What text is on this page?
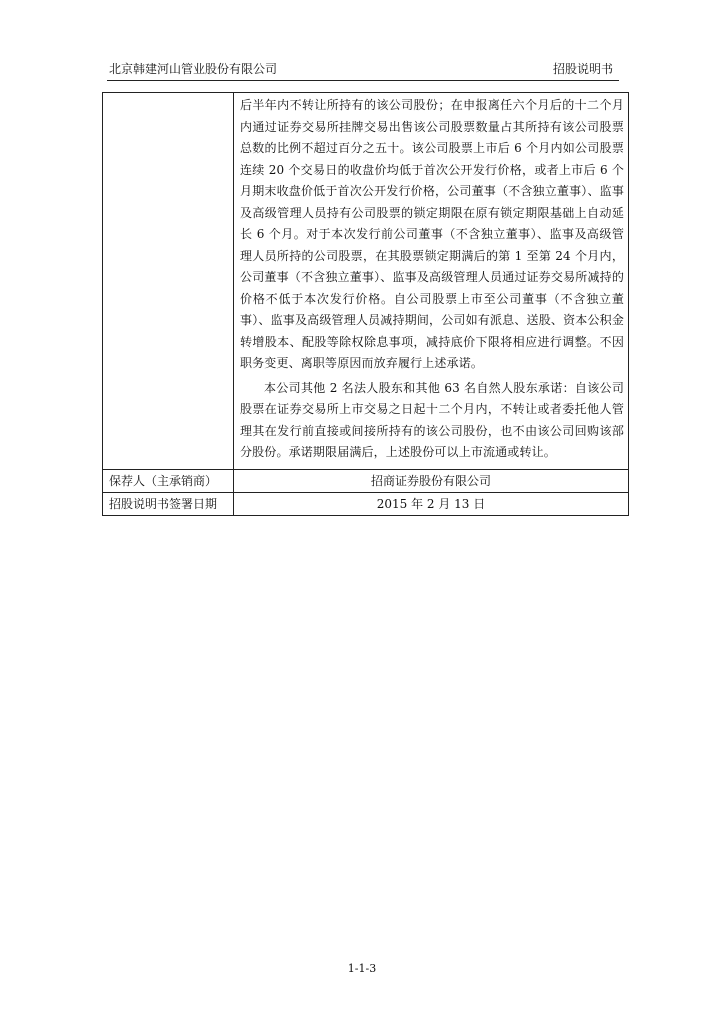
北京韩建河山管业股份有限公司	招股说明书

	后半年内不转让所持有的该公司股份；在申报离任六个月后的十二个月内通过证券交易所挂牌交易出售该公司股票数量占其所持有该公司股票总数的比例不超过百分之五十。该公司股票上市后 6 个月内如公司股票连续 20 个交易日的收盘价均低于首次公开发行价格，或者上市后 6 个月期末收盘价低于首次公开发行价格，公司董事（不含独立董事）、监事及高级管理人员持有公司股票的锁定期限在原有锁定期限基础上自动延长 6 个月。对于本次发行前公司董事（不含独立董事）、监事及高级管理人员所持的公司股票，在其股票锁定期满后的第 1 至第 24 个月内，公司董事（不含独立董事）、监事及高级管理人员通过证券交易所减持的价格不低于本次发行价格。自公司股票上市至公司董事（不含独立董事）、监事及高级管理人员减持期间，公司如有派息、送股、资本公积金转增股本、配股等除权除息事项，减持底价下限将相应进行调整。不因职务变更、离职等原因而放弃履行上述承诺。

本公司其他 2 名法人股东和其他 63 名自然人股东承诺：自该公司股票在证券交易所上市交易之日起十二个月内，不转让或者委托他人管理其在发行前直接或间接所持有的该公司股份，也不由该公司回购该部分股份。承诺期限届满后，上述股份可以上市流通或转让。

保荐人（主承销商）	招商证券股份有限公司
招股说明书签署日期	2015 年 2 月 13 日
1-1-3
